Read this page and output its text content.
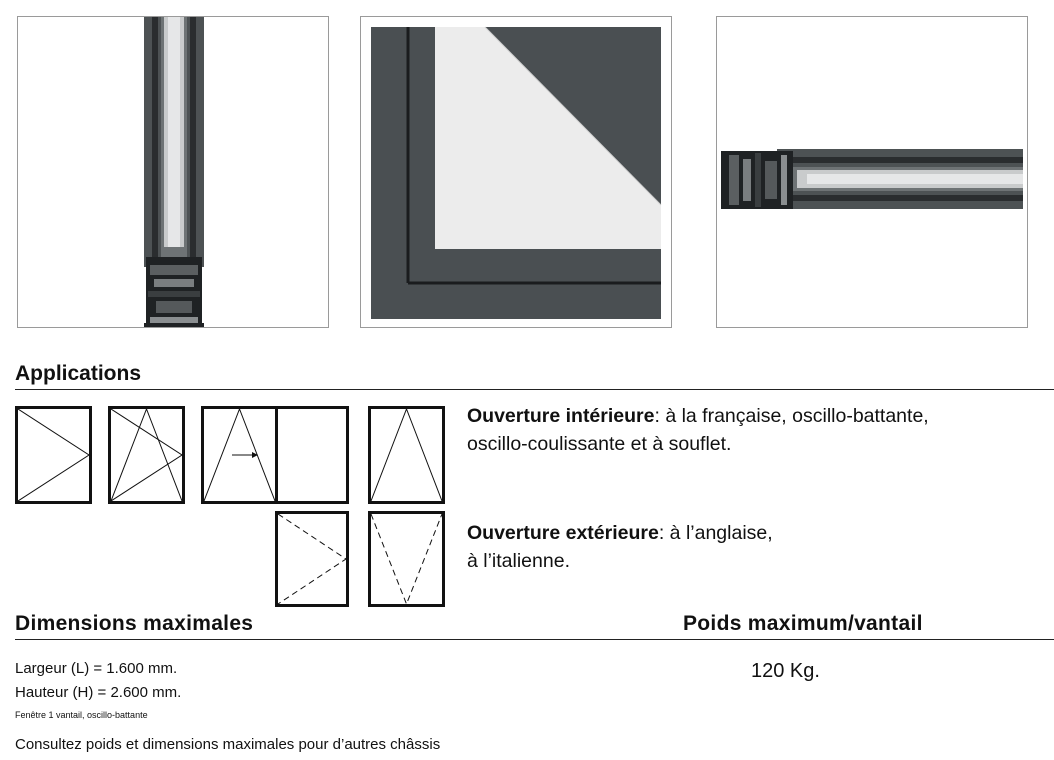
Applications
Ouverture intérieure: à la française, oscillo-battante,
oscillo-coulissante et à souflet.
Ouverture extérieure: à l’anglaise,
à l’italienne.
Dimensions maximales	Poids maximum/vantail
Largeur (L) = 1.600 mm.
Hauteur (H) = 2.600 mm.
Fenêtre 1 vantail, oscillo-battante
Consultez poids et dimensions maximales pour d’autres châssis
120 Kg.
